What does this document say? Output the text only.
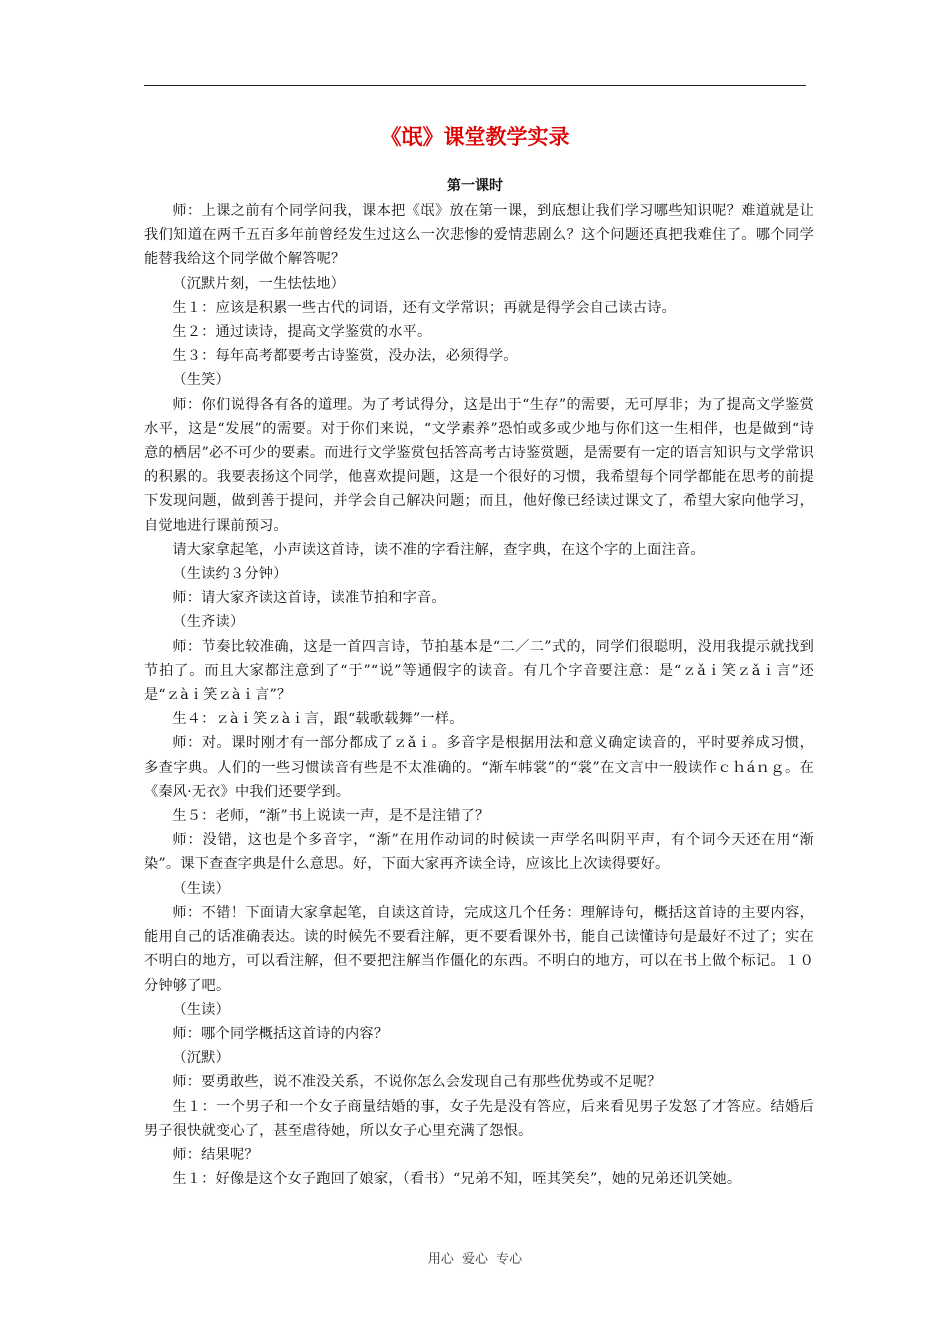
《氓》课堂教学实录
第一课时

师：上课之前有个同学问我，课本把《氓》放在第一课，到底想让我们学习哪些知识呢？难道就是让我们知道在两千五百多年前曾经发生过这么一次悲惨的爱情悲剧么？这个问题还真把我难住了。哪个同学能替我给这个同学做个解答呢？

（沉默片刻，一生怯怯地）

生１：应该是积累一些古代的词语，还有文学常识；再就是得学会自己读古诗。

生２：通过读诗，提高文学鉴赏的水平。

生３：每年高考都要考古诗鉴赏，没办法，必须得学。

（生笑）

师：你们说得各有各的道理。为了考试得分，这是出于“生存”的需要，无可厚非；为了提高文学鉴赏水平，这是“发展”的需要。对于你们来说，“文学素养”恐怕或多或少地与你们这一生相伴，也是做到“诗意的栖居”必不可少的要素。而进行文学鉴赏包括答高考古诗鉴赏题，是需要有一定的语言知识与文学常识的积累的。我要表扬这个同学，他喜欢提问题，这是一个很好的习惯，我希望每个同学都能在思考的前提下发现问题，做到善于提问，并学会自己解决问题；而且，他好像已经读过课文了，希望大家向他学习，自觉地进行课前预习。

请大家拿起笔，小声读这首诗，读不准的字看注解，查字典，在这个字的上面注音。

（生读约３分钟）

师：请大家齐读这首诗，读准节拍和字音。

（生齐读）

师：节奏比较准确，这是一首四言诗，节拍基本是“二／二”式的，同学们很聪明，没用我提示就找到节拍了。而且大家都注意到了“于”“说”等通假字的读音。有几个字音要注意：是“ｚǎｉ笑ｚǎｉ言”还是“ｚàｉ笑ｚàｉ言”？

生４：ｚàｉ笑ｚàｉ言，跟“载歌载舞”一样。

师：对。课时刚才有一部分都成了ｚǎｉ。多音字是根据用法和意义确定读音的，平时要养成习惯，多查字典。人们的一些习惯读音有些是不太准确的。“渐车帏裳”的“裳”在文言中一般读作ｃｈáｎｇ。在《秦风·无衣》中我们还要学到。

生５：老师，“渐”书上说读一声，是不是注错了？

师：没错，这也是个多音字，“渐”在用作动词的时候读一声学名叫阴平声，有个词今天还在用“渐染”。课下查查字典是什么意思。好，下面大家再齐读全诗，应该比上次读得要好。

（生读）

师：不错！下面请大家拿起笔，自读这首诗，完成这几个任务：理解诗句，概括这首诗的主要内容，能用自己的话准确表达。读的时候先不要看注解，更不要看课外书，能自己读懂诗句是最好不过了；实在不明白的地方，可以看注解，但不要把注解当作僵化的东西。不明白的地方，可以在书上做个标记。１０分钟够了吧。

（生读）

师：哪个同学概括这首诗的内容？

（沉默）

师：要勇敢些，说不准没关系，不说你怎么会发现自己有那些优势或不足呢？

生１：一个男子和一个女子商量结婚的事，女子先是没有答应，后来看见男子发怒了才答应。结婚后男子很快就变心了，甚至虐待她，所以女子心里充满了怨恨。

师：结果呢？

生１：好像是这个女子跑回了娘家，（看书）“兄弟不知，咥其笑矣”，她的兄弟还讥笑她。

用心 爱心 专心
